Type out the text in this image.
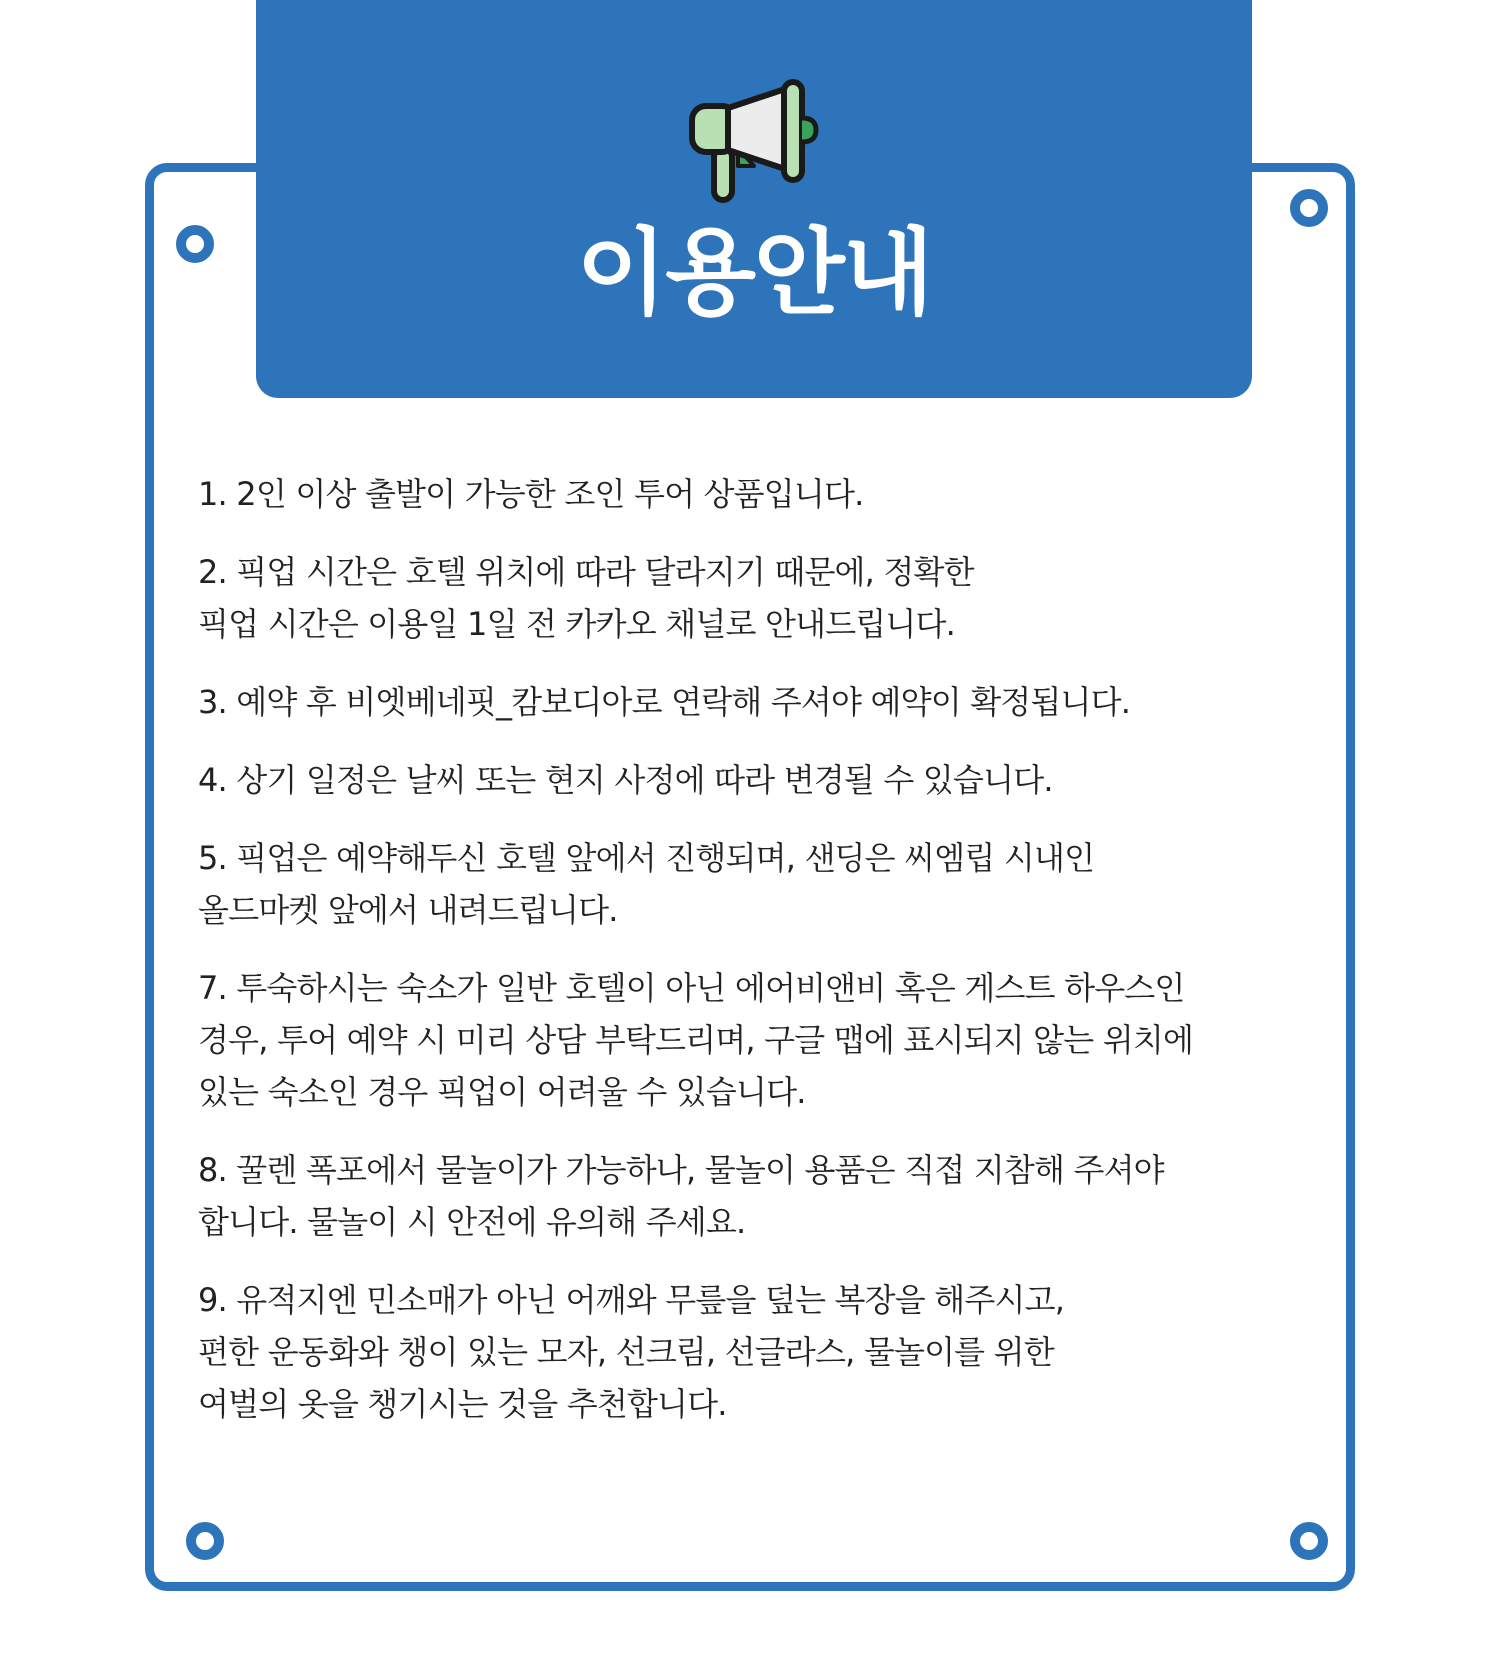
이용안내
1. 2인 이상 출발이 가능한 조인 투어 상품입니다.
2. 픽업 시간은 호텔 위치에 따라 달라지기 때문에, 정확한
픽업 시간은 이용일 1일 전 카카오 채널로 안내드립니다.
3. 예약 후 비엣베네핏_캄보디아로 연락해 주셔야 예약이 확정됩니다.
4. 상기 일정은 날씨 또는 현지 사정에 따라 변경될 수 있습니다.
5. 픽업은 예약해두신 호텔 앞에서 진행되며, 샌딩은 씨엠립 시내인
올드마켓 앞에서 내려드립니다.
7. 투숙하시는 숙소가 일반 호텔이 아닌 에어비앤비 혹은 게스트 하우스인
경우, 투어 예약 시 미리 상담 부탁드리며, 구글 맵에 표시되지 않는 위치에
있는 숙소인 경우 픽업이 어려울 수 있습니다.
8. 꿀렌 폭포에서 물놀이가 가능하나, 물놀이 용품은 직접 지참해 주셔야
합니다. 물놀이 시 안전에 유의해 주세요.
9. 유적지엔 민소매가 아닌 어깨와 무릎을 덮는 복장을 해주시고,
편한 운동화와 챙이 있는 모자, 선크림, 선글라스, 물놀이를 위한
여벌의 옷을 챙기시는 것을 추천합니다.
